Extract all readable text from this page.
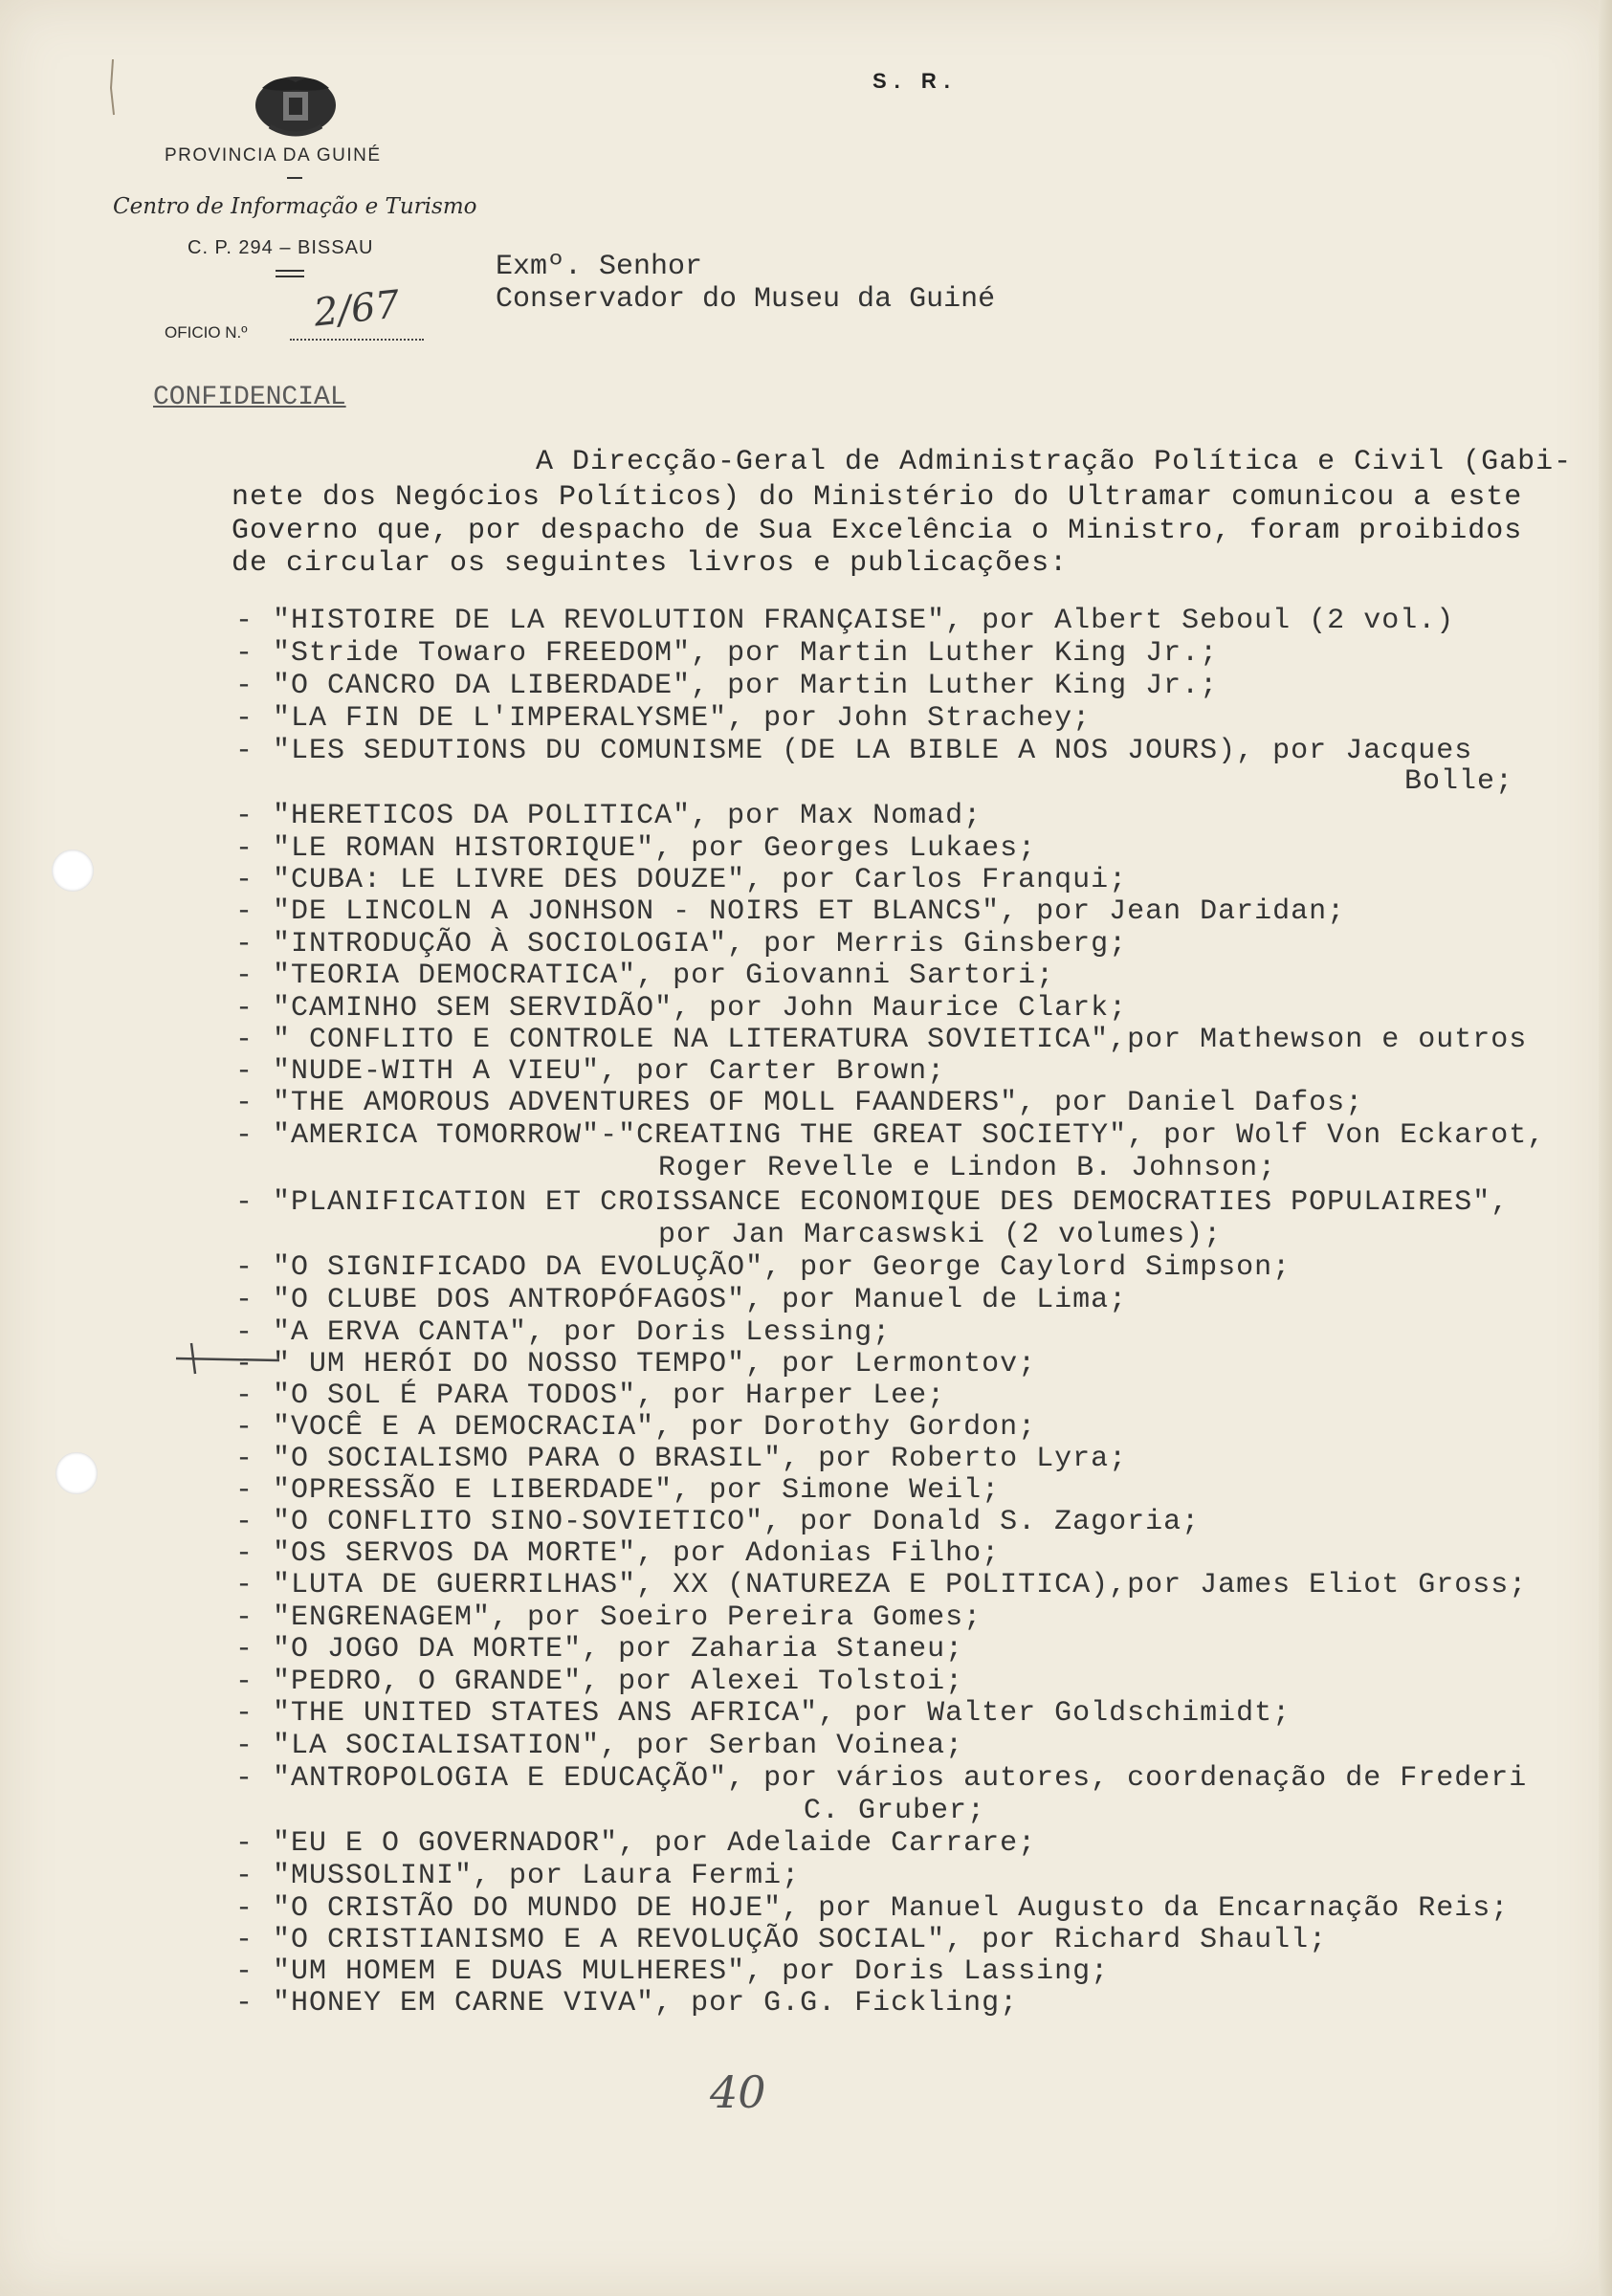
PROVINCIA DA GUINÉ
Centro de Informação e Turismo
C. P. 294 – BISSAU
OFICIO N.º 2/67
S. R.
Exmº. Senhor
Conservador do Museu da Guiné
CONFIDENCIAL
A Direcção-Geral de Administração Política e Civil (Gabi-
nete dos Negócios Políticos) do Ministério do Ultramar comunicou a este
Governo que, por despacho de Sua Excelência o Ministro, foram proibidos
de circular os seguintes livros e publicações:
- "HISTOIRE DE LA REVOLUTION FRANÇAISE", por Albert Seboul (2 vol.)
- "Stride Towaro FREEDOM", por Martin Luther King Jr.;
- "O CANCRO DA LIBERDADE", por Martin Luther King Jr.;
- "LA FIN DE L'IMPERALYSME", por John Strachey;
- "LES SEDUTIONS DU COMUNISME (DE LA BIBLE A NOS JOURS), por Jacques
Bolle;
- "HERETICOS DA POLITICA", por Max Nomad;
- "LE ROMAN HISTORIQUE", por Georges Lukaes;
- "CUBA: LE LIVRE DES DOUZE", por Carlos Franqui;
- "DE LINCOLN A JONHSON - NOIRS ET BLANCS", por Jean Daridan;
- "INTRODUÇÃO À SOCIOLOGIA", por Merris Ginsberg;
- "TEORIA DEMOCRATICA", por Giovanni Sartori;
- "CAMINHO SEM SERVIDÃO", por John Maurice Clark;
- " CONFLITO E CONTROLE NA LITERATURA SOVIETICA",por Mathewson e outros
- "NUDE-WITH A VIEU", por Carter Brown;
- "THE AMOROUS ADVENTURES OF MOLL FAANDERS", por Daniel Dafos;
- "AMERICA TOMORROW"-"CREATING THE GREAT SOCIETY", por Wolf Von Eckarot,
Roger Revelle e Lindon B. Johnson;
- "PLANIFICATION ET CROISSANCE ECONOMIQUE DES DEMOCRATIES POPULAIRES",
por Jan Marcaswski (2 volumes);
- "O SIGNIFICADO DA EVOLUÇÃO", por George Caylord Simpson;
- "O CLUBE DOS ANTROPÓFAGOS", por Manuel de Lima;
- "A ERVA CANTA", por Doris Lessing;
- " UM HERÓI DO NOSSO TEMPO", por Lermontov;
- "O SOL É PARA TODOS", por Harper Lee;
- "VOCÊ E A DEMOCRACIA", por Dorothy Gordon;
- "O SOCIALISMO PARA O BRASIL", por Roberto Lyra;
- "OPRESSÃO E LIBERDADE", por Simone Weil;
- "O CONFLITO SINO-SOVIETICO", por Donald S. Zagoria;
- "OS SERVOS DA MORTE", por Adonias Filho;
- "LUTA DE GUERRILHAS", XX (NATUREZA E POLITICA),por James Eliot Gross;
- "ENGRENAGEM", por Soeiro Pereira Gomes;
- "O JOGO DA MORTE", por Zaharia Staneu;
- "PEDRO, O GRANDE", por Alexei Tolstoi;
- "THE UNITED STATES ANS AFRICA", por Walter Goldschimidt;
- "LA SOCIALISATION", por Serban Voinea;
- "ANTROPOLOGIA E EDUCAÇÃO", por vários autores, coordenação de Frederi
C. Gruber;
- "EU E O GOVERNADOR", por Adelaide Carrare;
- "MUSSOLINI", por Laura Fermi;
- "O CRISTÃO DO MUNDO DE HOJE", por Manuel Augusto da Encarnação Reis;
- "O CRISTIANISMO E A REVOLUÇÃO SOCIAL", por Richard Shaull;
- "UM HOMEM E DUAS MULHERES", por Doris Lassing;
- "HONEY EM CARNE VIVA", por G.G. Fickling;
40
